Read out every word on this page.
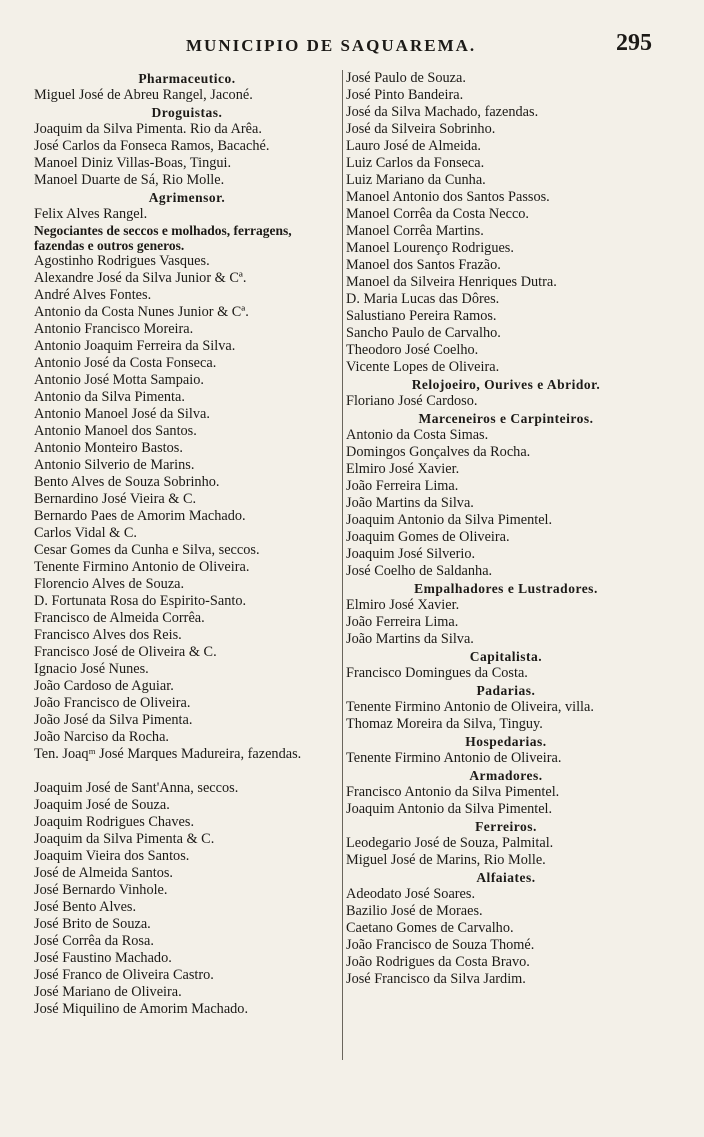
MUNICIPIO DE SAQUAREMA.	295
Pharmaceutico.
Miguel José de Abreu Rangel, Jaconé.
Droguistas.
Joaquim da Silva Pimenta. Rio da Arêa.
José Carlos da Fonseca Ramos, Bacaché.
Manoel Diniz Villas-Boas, Tingui.
Manoel Duarte de Sá, Rio Molle.
Agrimensor.
Felix Alves Rangel.
Negociantes de seccos e molhados, ferragens, fazendas e outros generos.
Agostinho Rodrigues Vasques.
Alexandre José da Silva Junior & Cª.
André Alves Fontes.
Antonio da Costa Nunes Junior & Cª.
Antonio Francisco Moreira.
Antonio Joaquim Ferreira da Silva.
Antonio José da Costa Fonseca.
Antonio José Motta Sampaio.
Antonio da Silva Pimenta.
Antonio Manoel José da Silva.
Antonio Manoel dos Santos.
Antonio Monteiro Bastos.
Antonio Silverio de Marins.
Bento Alves de Souza Sobrinho.
Bernardino José Vieira & C.
Bernardo Paes de Amorim Machado.
Carlos Vidal & C.
Cesar Gomes da Cunha e Silva, seccos.
Tenente Firmino Antonio de Oliveira.
Florencio Alves de Souza.
D. Fortunata Rosa do Espirito-Santo.
Francisco de Almeida Corrêa.
Francisco Alves dos Reis.
Francisco José de Oliveira & C.
Ignacio José Nunes.
João Cardoso de Aguiar.
João Francisco de Oliveira.
João José da Silva Pimenta.
João Narciso da Rocha.
Ten. Joaqᵐ José Marques Madureira, fazendas.
Joaquim José de Sant'Anna, seccos.
Joaquim José de Souza.
Joaquim Rodrigues Chaves.
Joaquim da Silva Pimenta & C.
Joaquim Vieira dos Santos.
José de Almeida Santos.
José Bernardo Vinhole.
José Bento Alves.
José Brito de Souza.
José Corrêa da Rosa.
José Faustino Machado.
José Franco de Oliveira Castro.
José Mariano de Oliveira.
José Miquilino de Amorim Machado.
José Paulo de Souza.
José Pinto Bandeira.
José da Silva Machado, fazendas.
José da Silveira Sobrinho.
Lauro José de Almeida.
Luiz Carlos da Fonseca.
Luiz Mariano da Cunha.
Manoel Antonio dos Santos Passos.
Manoel Corrêa da Costa Necco.
Manoel Corrêa Martins.
Manoel Lourenço Rodrigues.
Manoel dos Santos Frazão.
Manoel da Silveira Henriques Dutra.
D. Maria Lucas das Dôres.
Salustiano Pereira Ramos.
Sancho Paulo de Carvalho.
Theodoro José Coelho.
Vicente Lopes de Oliveira.
Relojoeiro, Ourives e Abridor.
Floriano José Cardoso.
Marceneiros e Carpinteiros.
Antonio da Costa Simas.
Domingos Gonçalves da Rocha.
Elmiro José Xavier.
João Ferreira Lima.
João Martins da Silva.
Joaquim Antonio da Silva Pimentel.
Joaquim Gomes de Oliveira.
Joaquim José Silverio.
José Coelho de Saldanha.
Empalhadores e Lustradores.
Elmiro José Xavier.
João Ferreira Lima.
João Martins da Silva.
Capitalista.
Francisco Domingues da Costa.
Padarias.
Tenente Firmino Antonio de Oliveira, villa.
Thomaz Moreira da Silva, Tinguy.
Hospedarias.
Tenente Firmino Antonio de Oliveira.
Armadores.
Francisco Antonio da Silva Pimentel.
Joaquim Antonio da Silva Pimentel.
Ferreiros.
Leodegario José de Souza, Palmital.
Miguel José de Marins, Rio Molle.
Alfaiates.
Adeodato José Soares.
Bazilio José de Moraes.
Caetano Gomes de Carvalho.
João Francisco de Souza Thomé.
João Rodrigues da Costa Bravo.
José Francisco da Silva Jardim.
